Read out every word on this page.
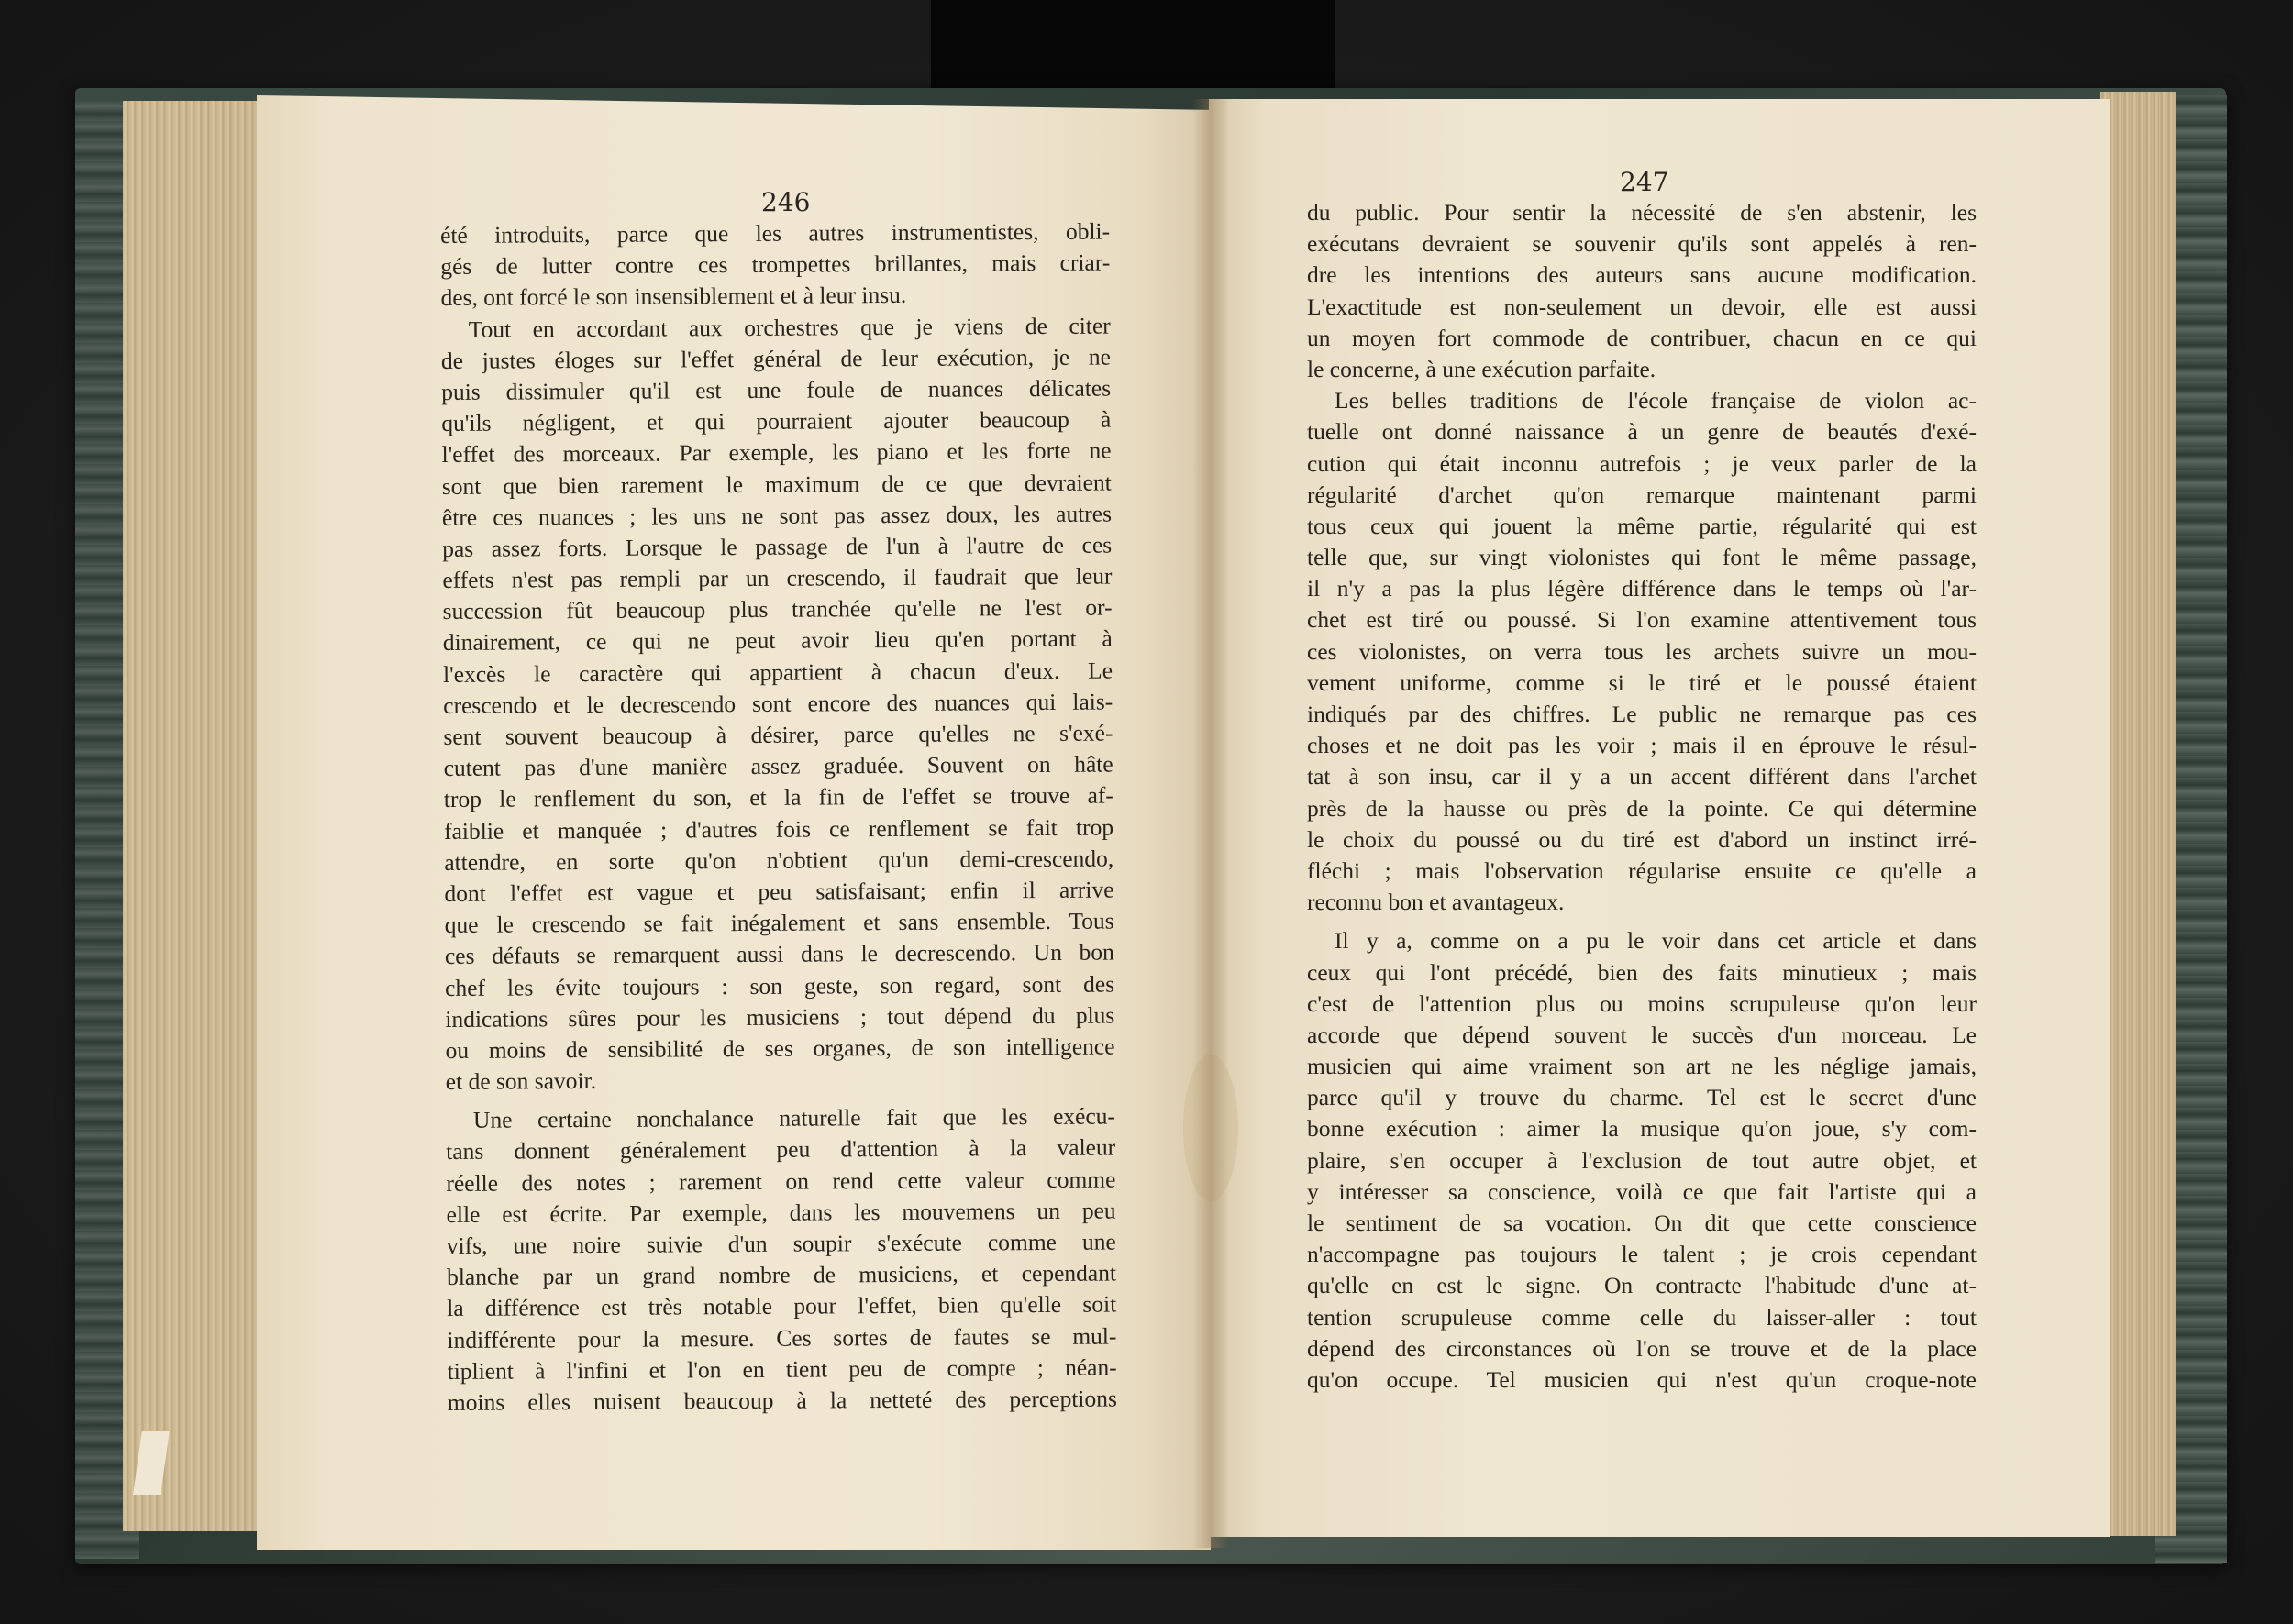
246
247
été introduits, parce que les autres instrumentistes, obli-
gés de lutter contre ces trompettes brillantes, mais criar-
des, ont forcé le son insensiblement et à leur insu.
Tout en accordant aux orchestres que je viens de citer
de justes éloges sur l'effet général de leur exécution, je ne
puis dissimuler qu'il est une foule de nuances délicates
qu'ils négligent, et qui pourraient ajouter beaucoup à
l'effet des morceaux. Par exemple, les piano et les forte ne
sont que bien rarement le maximum de ce que devraient
être ces nuances ; les uns ne sont pas assez doux, les autres
pas assez forts. Lorsque le passage de l'un à l'autre de ces
effets n'est pas rempli par un crescendo, il faudrait que leur
succession fût beaucoup plus tranchée qu'elle ne l'est or-
dinairement, ce qui ne peut avoir lieu qu'en portant à
l'excès le caractère qui appartient à chacun d'eux. Le
crescendo et le decrescendo sont encore des nuances qui lais-
sent souvent beaucoup à désirer, parce qu'elles ne s'exé-
cutent pas d'une manière assez graduée. Souvent on hâte
trop le renflement du son, et la fin de l'effet se trouve af-
faiblie et manquée ; d'autres fois ce renflement se fait trop
attendre, en sorte qu'on n'obtient qu'un demi-crescendo,
dont l'effet est vague et peu satisfaisant; enfin il arrive
que le crescendo se fait inégalement et sans ensemble. Tous
ces défauts se remarquent aussi dans le decrescendo. Un bon
chef les évite toujours : son geste, son regard, sont des
indications sûres pour les musiciens ; tout dépend du plus
ou moins de sensibilité de ses organes, de son intelligence
et de son savoir.
Une certaine nonchalance naturelle fait que les exécu-
tans donnent généralement peu d'attention à la valeur
réelle des notes ; rarement on rend cette valeur comme
elle est écrite. Par exemple, dans les mouvemens un peu
vifs, une noire suivie d'un soupir s'exécute comme une
blanche par un grand nombre de musiciens, et cependant
la différence est très notable pour l'effet, bien qu'elle soit
indifférente pour la mesure. Ces sortes de fautes se mul-
tiplient à l'infini et l'on en tient peu de compte ; néan-
moins elles nuisent beaucoup à la netteté des perceptions
du public. Pour sentir la nécessité de s'en abstenir, les
exécutans devraient se souvenir qu'ils sont appelés à ren-
dre les intentions des auteurs sans aucune modification.
L'exactitude est non-seulement un devoir, elle est aussi
un moyen fort commode de contribuer, chacun en ce qui
le concerne, à une exécution parfaite.
Les belles traditions de l'école française de violon ac-
tuelle ont donné naissance à un genre de beautés d'exé-
cution qui était inconnu autrefois ; je veux parler de la
régularité d'archet qu'on remarque maintenant parmi
tous ceux qui jouent la même partie, régularité qui est
telle que, sur vingt violonistes qui font le même passage,
il n'y a pas la plus légère différence dans le temps où l'ar-
chet est tiré ou poussé. Si l'on examine attentivement tous
ces violonistes, on verra tous les archets suivre un mou-
vement uniforme, comme si le tiré et le poussé étaient
indiqués par des chiffres. Le public ne remarque pas ces
choses et ne doit pas les voir ; mais il en éprouve le résul-
tat à son insu, car il y a un accent différent dans l'archet
près de la hausse ou près de la pointe. Ce qui détermine
le choix du poussé ou du tiré est d'abord un instinct irré-
fléchi ; mais l'observation régularise ensuite ce qu'elle a
reconnu bon et avantageux.
Il y a, comme on a pu le voir dans cet article et dans
ceux qui l'ont précédé, bien des faits minutieux ; mais
c'est de l'attention plus ou moins scrupuleuse qu'on leur
accorde que dépend souvent le succès d'un morceau. Le
musicien qui aime vraiment son art ne les néglige jamais,
parce qu'il y trouve du charme. Tel est le secret d'une
bonne exécution : aimer la musique qu'on joue, s'y com-
plaire, s'en occuper à l'exclusion de tout autre objet, et
y intéresser sa conscience, voilà ce que fait l'artiste qui a
le sentiment de sa vocation. On dit que cette conscience
n'accompagne pas toujours le talent ; je crois cependant
qu'elle en est le signe. On contracte l'habitude d'une at-
tention scrupuleuse comme celle du laisser-aller : tout
dépend des circonstances où l'on se trouve et de la place
qu'on occupe. Tel musicien qui n'est qu'un croque-note
